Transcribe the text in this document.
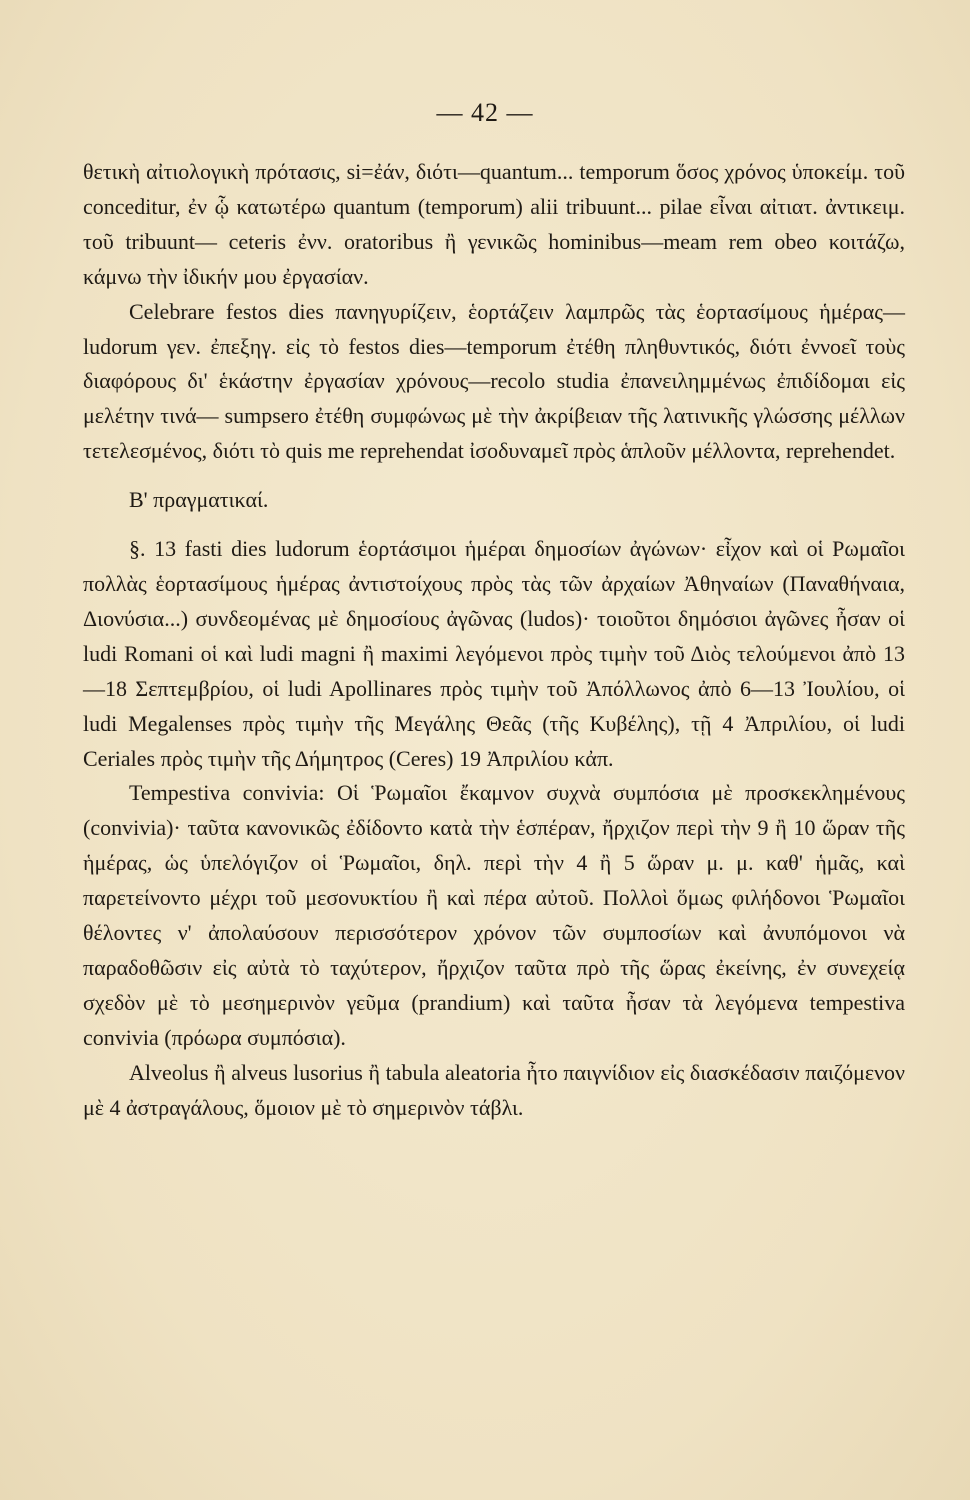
— 42 —

θετικὴ αἰτιολογικὴ πρότασις, si=ἐάν, διότι—quantum... temporum ὅσος χρόνος ὑποκείμ. τοῦ conceditur, ἐν ᾧ κατωτέρω quantum (temporum) alii tribuunt... pilae εἶναι αἰτιατ. ἀντικειμ. τοῦ tribuunt— ceteris ἐνν. oratoribus ἢ γενικῶς hominibus—meam rem obeo κοιτάζω, κάμνω τὴν ἰδικήν μου ἐργασίαν.

Celebrare festos dies πανηγυρίζειν, ἑορτάζειν λαμπρῶς τὰς ἑορτασίμους ἡμέρας—ludorum γεν. ἐπεξηγ. εἰς τὸ festos dies—temporum ἐτέθη πληθυντικός, διότι ἐννοεῖ τοὺς διαφόρους δι' ἑκάστην ἐργασίαν χρόνους—recolo studia ἐπανειλημμένως ἐπιδίδομαι εἰς μελέτην τινά— sumpsero ἐτέθη συμφώνως μὲ τὴν ἀκρίβειαν τῆς λατινικῆς γλώσσης μέλλων τετελεσμένος, διότι τὸ quis me reprehendat ἰσοδυναμεῖ πρὸς ἁπλοῦν μέλλοντα, reprehendet.

Β' πραγματικαί.

§. 13 fasti dies ludorum ἑορτάσιμοι ἡμέραι δημοσίων ἀγώνων· εἶχον καὶ οἱ Ρωμαῖοι πολλὰς ἑορτασίμους ἡμέρας ἀντιστοίχους πρὸς τὰς τῶν ἀρχαίων Ἀθηναίων (Παναθήναια, Διονύσια...) συνδεομένας μὲ δημοσίους ἀγῶνας (ludos)· τοιοῦτοι δημόσιοι ἀγῶνες ἦσαν οἱ ludi Romani οἱ καὶ ludi magni ἢ maximi λεγόμενοι πρὸς τιμὴν τοῦ Διὸς τελούμενοι ἀπὸ 13—18 Σεπτεμβρίου, οἱ ludi Apollinares πρὸς τιμὴν τοῦ Ἀπόλλωνος ἀπὸ 6—13 Ἰουλίου, οἱ ludi Megalenses πρὸς τιμὴν τῆς Μεγάλης Θεᾶς (τῆς Κυβέλης), τῇ 4 Ἀπριλίου, οἱ ludi Ceriales πρὸς τιμὴν τῆς Δήμητρος (Ceres) 19 Ἀπριλίου κἀπ.

Tempestiva convivia: Οἱ Ῥωμαῖοι ἔκαμνον συχνὰ συμπόσια μὲ προσκεκλημένους (convivia)· ταῦτα κανονικῶς ἐδίδοντο κατὰ τὴν ἑσπέραν, ἤρχιζον περὶ τὴν 9 ἢ 10 ὥραν τῆς ἡμέρας, ὡς ὑπελόγιζον οἱ Ῥωμαῖοι, δηλ. περὶ τὴν 4 ἢ 5 ὥραν μ. μ. καθ' ἡμᾶς, καὶ παρετείνοντο μέχρι τοῦ μεσονυκτίου ἢ καὶ πέρα αὐτοῦ. Πολλοὶ ὅμως φιλήδονοι Ῥωμαῖοι θέλοντες ν' ἀπολαύσουν περισσότερον χρόνον τῶν συμποσίων καὶ ἀνυπόμονοι νὰ παραδοθῶσιν εἰς αὐτὰ τὸ ταχύτερον, ἤρχιζον ταῦτα πρὸ τῆς ὥρας ἐκείνης, ἐν συνεχείᾳ σχεδὸν μὲ τὸ μεσημερινὸν γεῦμα (prandium) καὶ ταῦτα ἦσαν τὰ λεγόμενα tempestiva convivia (πρόωρα συμπόσια).

Alveolus ἢ alveus lusorius ἢ tabula aleatoria ἦτο παιγνίδιον εἰς διασκέδασιν παιζόμενον μὲ 4 ἀστραγάλους, ὅμοιον μὲ τὸ σημερινὸν τάβλι.
